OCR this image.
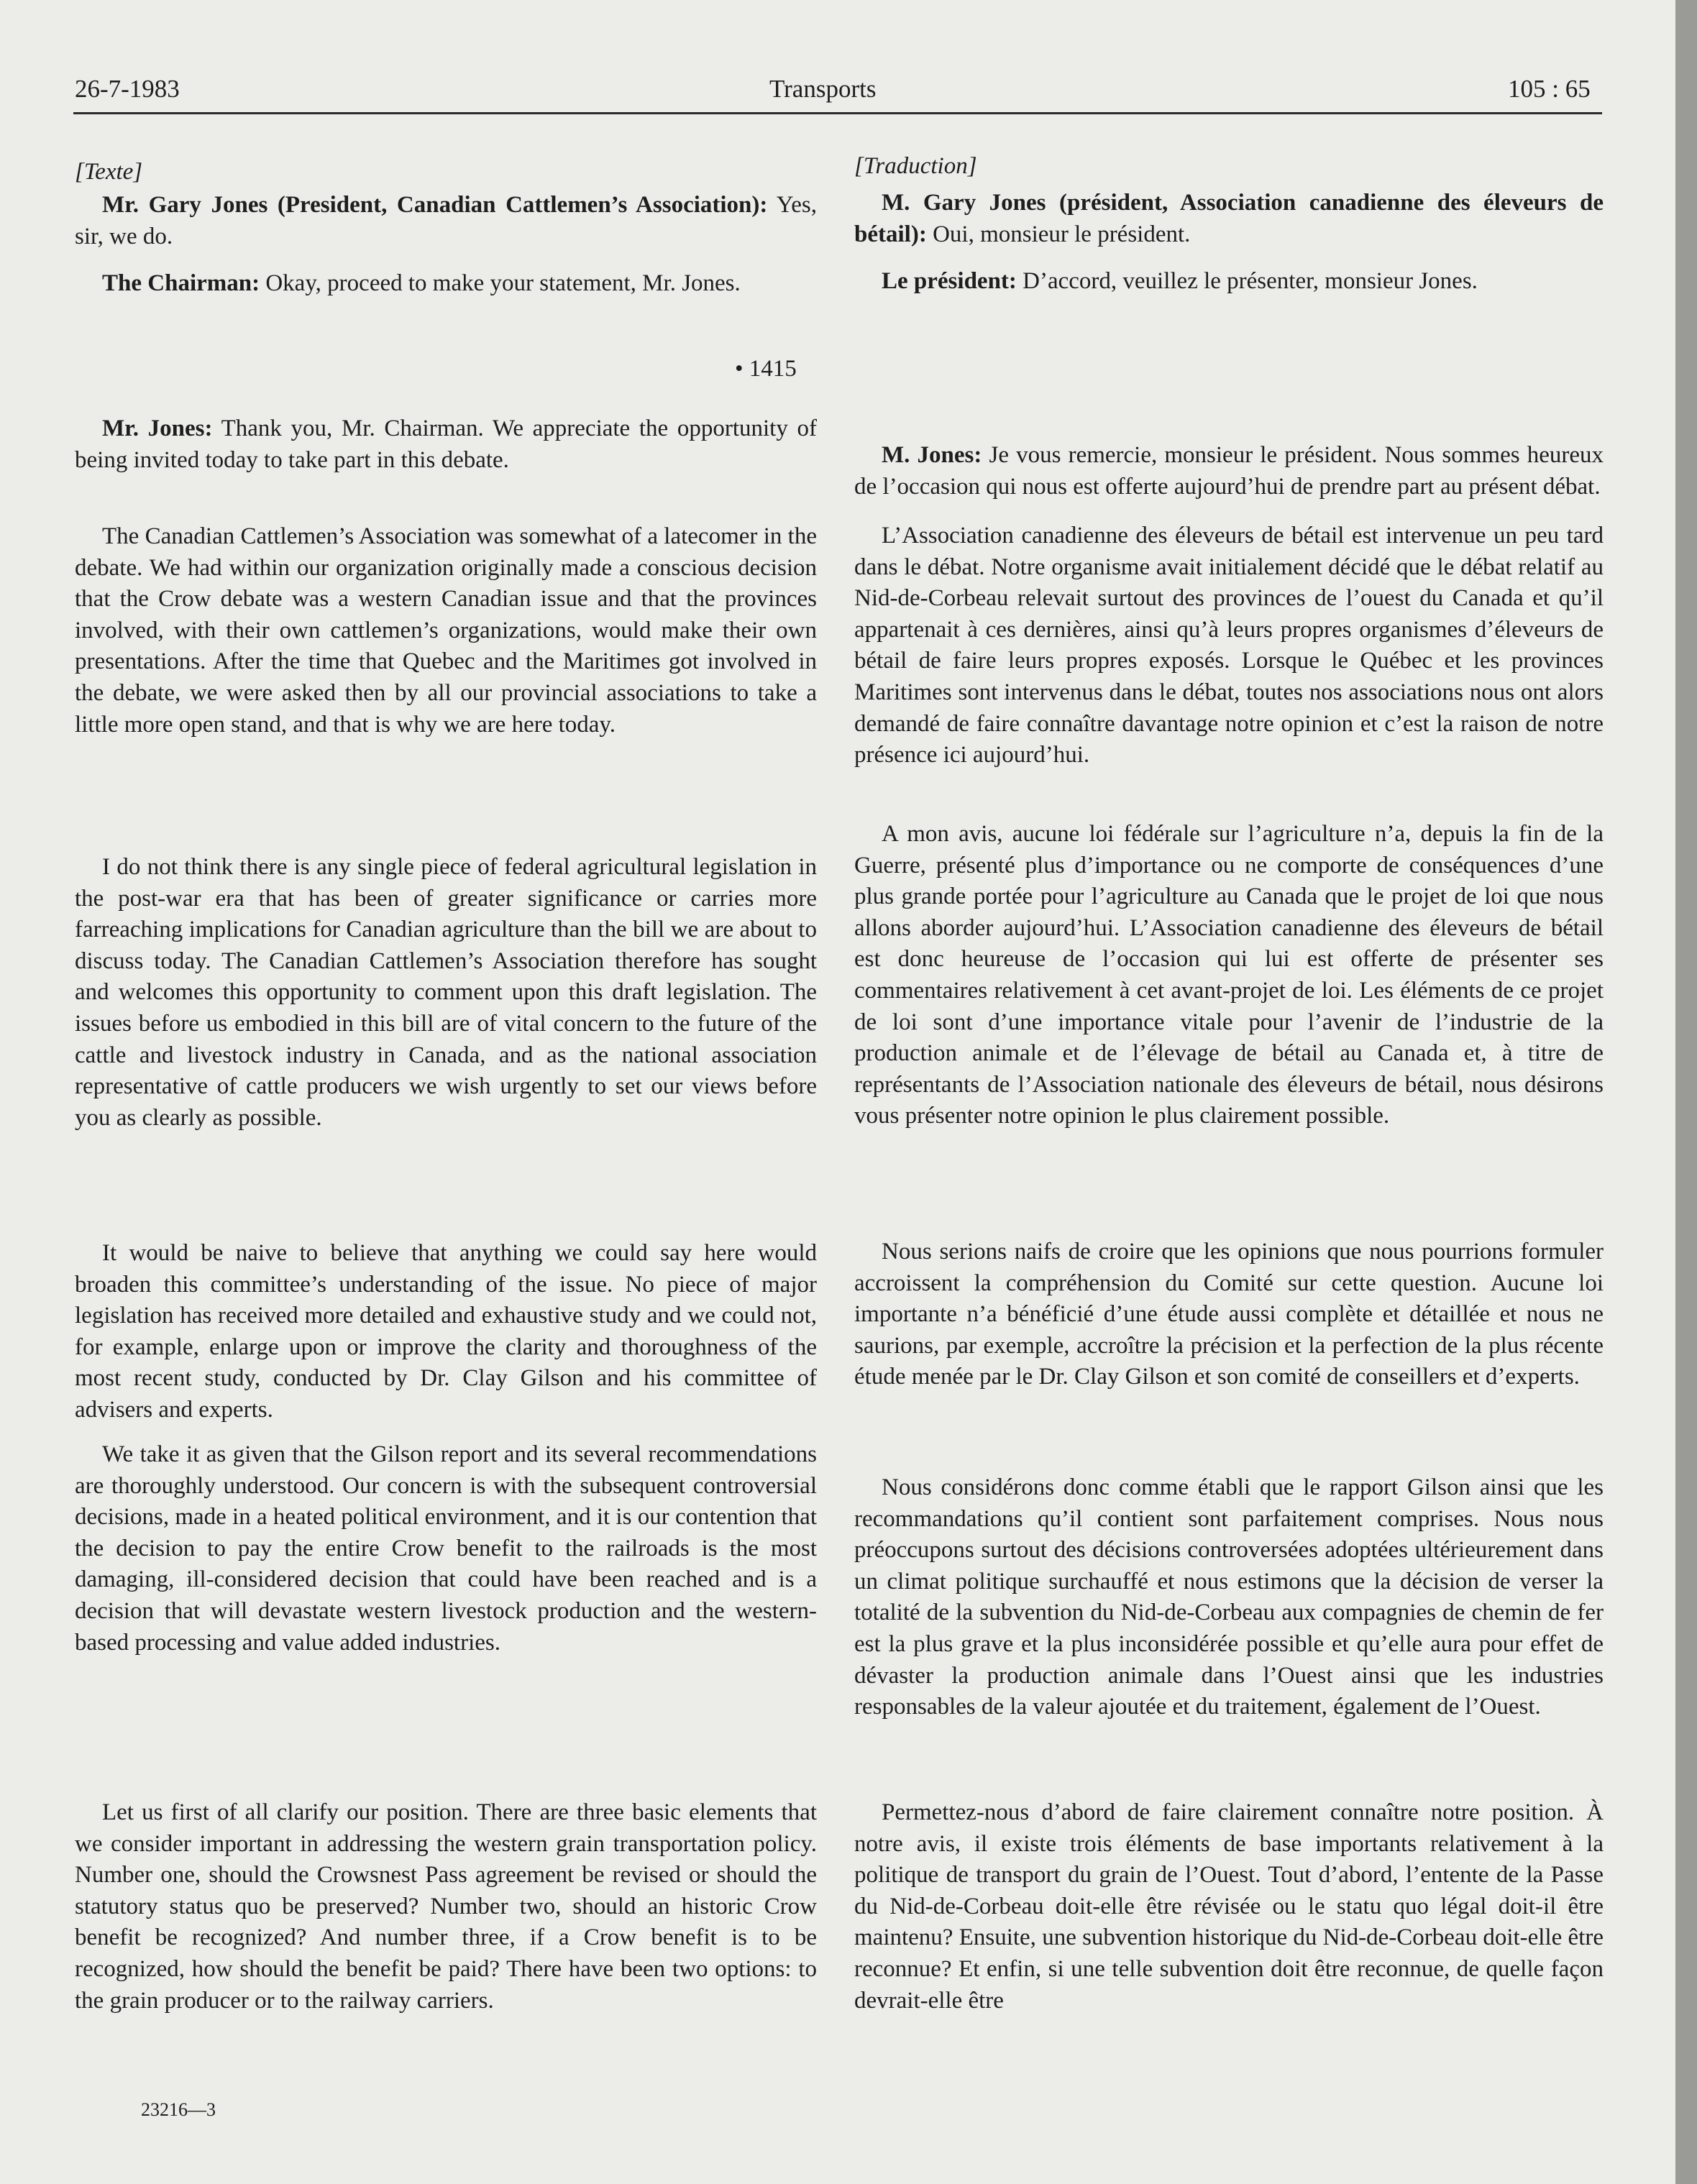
26-7-1983	Transports	105 : 65
[Texte]

Mr. Gary Jones (President, Canadian Cattlemen’s Association): Yes, sir, we do.

The Chairman: Okay, proceed to make your statement, Mr. Jones.

• 1415

Mr. Jones: Thank you, Mr. Chairman. We appreciate the opportunity of being invited today to take part in this debate.

The Canadian Cattlemen’s Association was somewhat of a latecomer in the debate. We had within our organization originally made a conscious decision that the Crow debate was a western Canadian issue and that the provinces involved, with their own cattlemen’s organizations, would make their own presentations. After the time that Quebec and the Maritimes got involved in the debate, we were asked then by all our provincial associations to take a little more open stand, and that is why we are here today.

I do not think there is any single piece of federal agricultural legislation in the post-war era that has been of greater significance or carries more farreaching implications for Canadian agriculture than the bill we are about to discuss today. The Canadian Cattlemen’s Association therefore has sought and welcomes this opportunity to comment upon this draft legislation. The issues before us embodied in this bill are of vital concern to the future of the cattle and livestock industry in Canada, and as the national association representative of cattle producers we wish urgently to set our views before you as clearly as possible.

It would be naive to believe that anything we could say here would broaden this committee’s understanding of the issue. No piece of major legislation has received more detailed and exhaustive study and we could not, for example, enlarge upon or improve the clarity and thoroughness of the most recent study, conducted by Dr. Clay Gilson and his committee of advisers and experts.

We take it as given that the Gilson report and its several recommendations are thoroughly understood. Our concern is with the subsequent controversial decisions, made in a heated political environment, and it is our contention that the decision to pay the entire Crow benefit to the railroads is the most damaging, ill-considered decision that could have been reached and is a decision that will devastate western livestock production and the western-based processing and value added industries.

Let us first of all clarify our position. There are three basic elements that we consider important in addressing the western grain transportation policy. Number one, should the Crowsnest Pass agreement be revised or should the statutory status quo be preserved? Number two, should an historic Crow benefit be recognized? And number three, if a Crow benefit is to be recognized, how should the benefit be paid? There have been two options: to the grain producer or to the railway carriers.

[Traduction]

M. Gary Jones (président, Association canadienne des éleveurs de bétail): Oui, monsieur le président.

Le président: D’accord, veuillez le présenter, monsieur Jones.

M. Jones: Je vous remercie, monsieur le président. Nous sommes heureux de l’occasion qui nous est offerte aujourd’hui de prendre part au présent débat.

L’Association canadienne des éleveurs de bétail est intervenue un peu tard dans le débat. Notre organisme avait initialement décidé que le débat relatif au Nid-de-Corbeau relevait surtout des provinces de l’ouest du Canada et qu’il appartenait à ces dernières, ainsi qu’à leurs propres organismes d’éleveurs de bétail de faire leurs propres exposés. Lorsque le Québec et les provinces Maritimes sont intervenus dans le débat, toutes nos associations nous ont alors demandé de faire connaître davantage notre opinion et c’est la raison de notre présence ici aujourd’hui.

A mon avis, aucune loi fédérale sur l’agriculture n’a, depuis la fin de la Guerre, présenté plus d’importance ou ne comporte de conséquences d’une plus grande portée pour l’agriculture au Canada que le projet de loi que nous allons aborder aujourd’hui. L’Association canadienne des éleveurs de bétail est donc heureuse de l’occasion qui lui est offerte de présenter ses commentaires relativement à cet avant-projet de loi. Les éléments de ce projet de loi sont d’une importance vitale pour l’avenir de l’industrie de la production animale et de l’élevage de bétail au Canada et, à titre de représentants de l’Association nationale des éleveurs de bétail, nous désirons vous présenter notre opinion le plus clairement possible.

Nous serions naifs de croire que les opinions que nous pourrions formuler accroissent la compréhension du Comité sur cette question. Aucune loi importante n’a bénéficié d’une étude aussi complète et détaillée et nous ne saurions, par exemple, accroître la précision et la perfection de la plus récente étude menée par le Dr. Clay Gilson et son comité de conseillers et d’experts.

Nous considérons donc comme établi que le rapport Gilson ainsi que les recommandations qu’il contient sont parfaitement comprises. Nous nous préoccupons surtout des décisions controversées adoptées ultérieurement dans un climat politique surchauffé et nous estimons que la décision de verser la totalité de la subvention du Nid-de-Corbeau aux compagnies de chemin de fer est la plus grave et la plus inconsidérée possible et qu’elle aura pour effet de dévaster la production animale dans l’Ouest ainsi que les industries responsables de la valeur ajoutée et du traitement, également de l’Ouest.

Permettez-nous d’abord de faire clairement connaître notre position. À notre avis, il existe trois éléments de base importants relativement à la politique de transport du grain de l’Ouest. Tout d’abord, l’entente de la Passe du Nid-de-Corbeau doit-elle être révisée ou le statu quo légal doit-il être maintenu? Ensuite, une subvention historique du Nid-de-Corbeau doit-elle être reconnue? Et enfin, si une telle subvention doit être reconnue, de quelle façon devrait-elle être

23216—3
